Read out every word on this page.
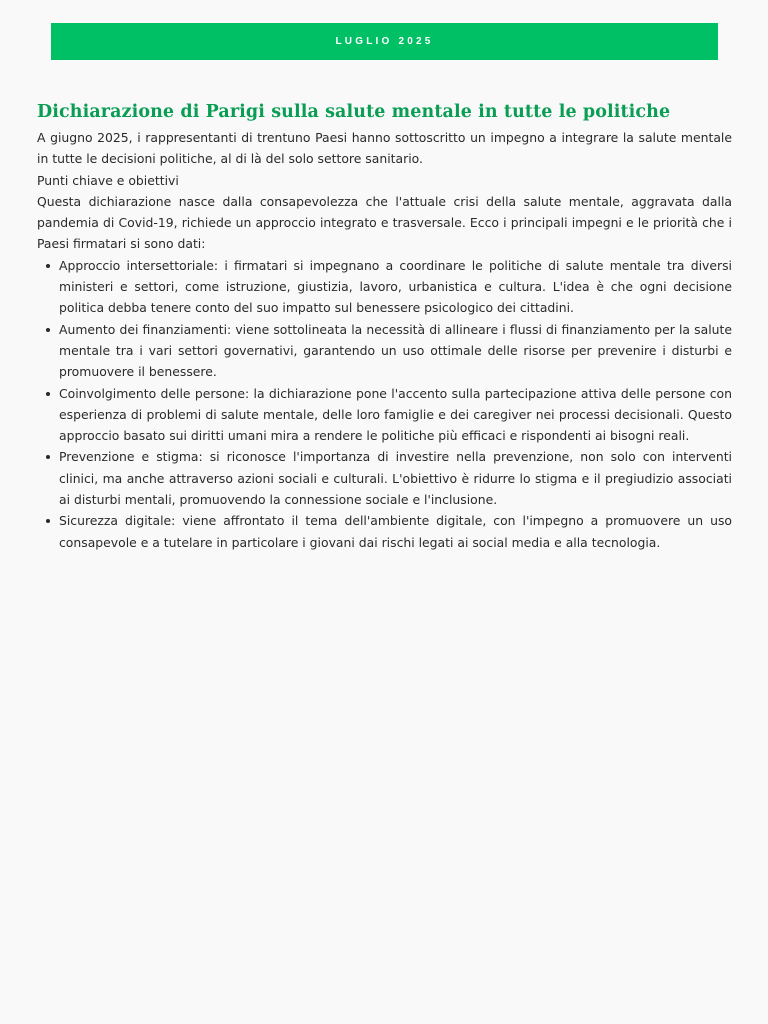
LUGLIO 2025
Dichiarazione di Parigi sulla salute mentale in tutte le politiche

A giugno 2025, i rappresentanti di trentuno Paesi hanno sottoscritto un impegno a integrare la salute mentale in tutte le decisioni politiche, al di là del solo settore sanitario.

Punti chiave e obiettivi

Questa dichiarazione nasce dalla consapevolezza che l'attuale crisi della salute mentale, aggravata dalla pandemia di Covid-19, richiede un approccio integrato e trasversale. Ecco i principali impegni e le priorità che i Paesi firmatari si sono dati:

Approccio intersettoriale: i firmatari si impegnano a coordinare le politiche di salute mentale tra diversi ministeri e settori, come istruzione, giustizia, lavoro, urbanistica e cultura. L'idea è che ogni decisione politica debba tenere conto del suo impatto sul benessere psicologico dei cittadini.
Aumento dei finanziamenti: viene sottolineata la necessità di allineare i flussi di finanziamento per la salute mentale tra i vari settori governativi, garantendo un uso ottimale delle risorse per prevenire i disturbi e promuovere il benessere.
Coinvolgimento delle persone: la dichiarazione pone l'accento sulla partecipazione attiva delle persone con esperienza di problemi di salute mentale, delle loro famiglie e dei caregiver nei processi decisionali. Questo approccio basato sui diritti umani mira a rendere le politiche più efficaci e rispondenti ai bisogni reali.
Prevenzione e stigma: si riconosce l'importanza di investire nella prevenzione, non solo con interventi clinici, ma anche attraverso azioni sociali e culturali. L'obiettivo è ridurre lo stigma e il pregiudizio associati ai disturbi mentali, promuovendo la connessione sociale e l'inclusione.
Sicurezza digitale: viene affrontato il tema dell'ambiente digitale, con l'impegno a promuovere un uso consapevole e a tutelare in particolare i giovani dai rischi legati ai social media e alla tecnologia.
